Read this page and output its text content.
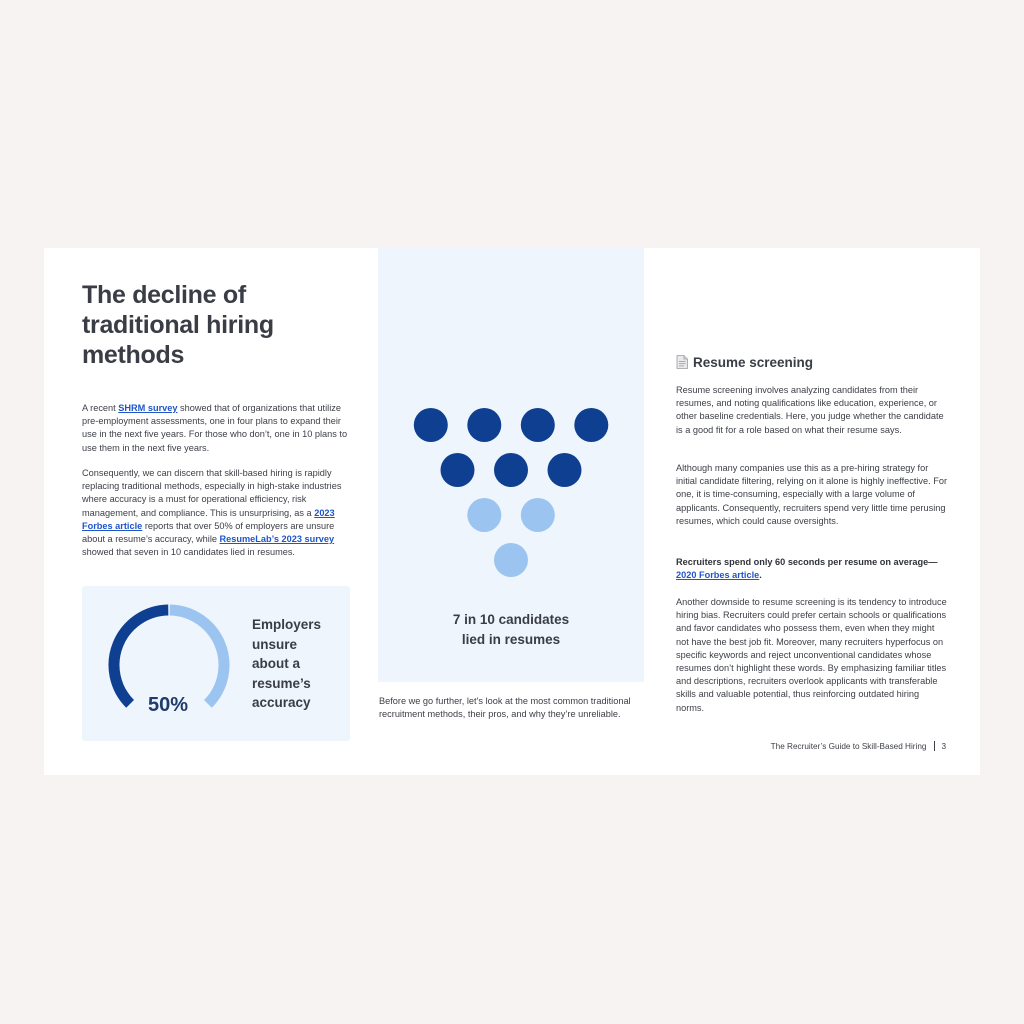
The decline of
traditional hiring
methods

A recent SHRM survey showed that of organizations that utilize pre-employment assessments, one in four plans to expand their use in the next five years. For those who don’t, one in 10 plans to use them in the next five years.

Consequently, we can discern that skill-based hiring is rapidly replacing traditional methods, especially in high-stake industries where accuracy is a must for operational efficiency, risk management, and compliance. This is unsurprising, as a 2023 Forbes article reports that over 50% of employers are unsure about a resume’s accuracy, while ResumeLab’s 2023 survey showed that seven in 10 candidates lied in resumes.

50%
Employers
unsure
about a
resume’s
accuracy
7 in 10 candidates
lied in resumes

Before we go further, let’s look at the most common traditional recruitment methods, their pros, and why they’re unreliable.

Resume screening

Resume screening involves analyzing candidates from their resumes, and noting qualifications like education, experience, or other baseline credentials. Here, you judge whether the candidate is a good fit for a role based on what their resume says.

Although many companies use this as a pre-hiring strategy for initial candidate filtering, relying on it alone is highly ineffective. For one, it is time-consuming, especially with a large volume of applicants. Consequently, recruiters spend very little time perusing resumes, which could cause oversights.

Recruiters spend only 60 seconds per resume on average—2020 Forbes article.

Another downside to resume screening is its tendency to introduce hiring bias. Recruiters could prefer certain schools or qualifications and favor candidates who possess them, even when they might not have the best job fit. Moreover, many recruiters hyperfocus on specific keywords and reject unconventional candidates whose resumes don’t highlight these words. By emphasizing familiar titles and descriptions, recruiters overlook applicants with transferable skills and valuable potential, thus reinforcing outdated hiring norms.

The Recruiter’s Guide to Skill-Based Hiring 3
